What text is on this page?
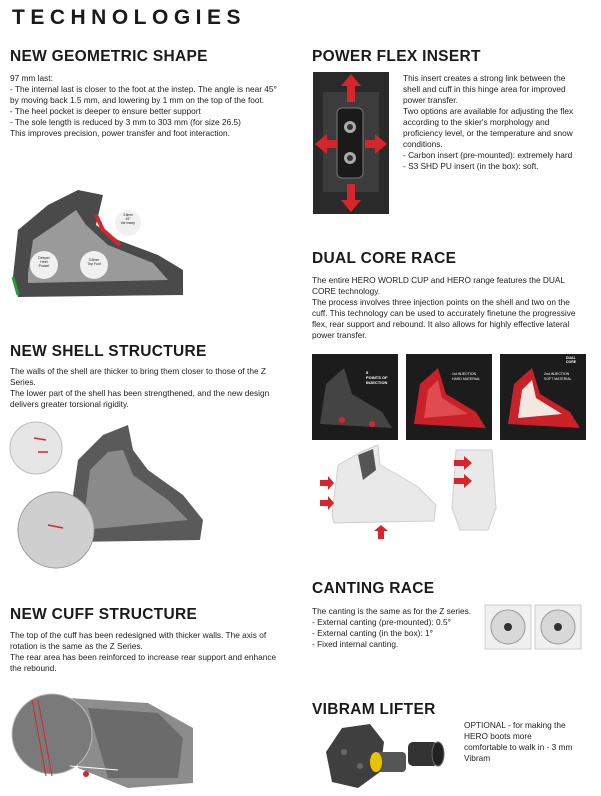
TECHNOLOGIES
NEW GEOMETRIC SHAPE
97 mm last:
- The internal last is closer to the foot at the instep. The angle is near 45° by moving back 1.5 mm, and lowering by 1 mm on the top of the foot.
- The heel pocket is deeper to ensure better support
- The sole length is reduced by 3 mm to 303 mm (for size 26.5)
This improves precision, power transfer and foot interaction.
Deeper
Heel
Pocket
3.8mm
Top Foot
3.8mm
45°
the instep
NEW SHELL STRUCTURE
The walls of the shell are thicker to bring them closer to those of the Z Series.
The lower part of the shell has been strengthened, and the new design delivers greater torsional rigidity.
NEW CUFF STRUCTURE
The top of the cuff has been redesigned with thicker walls. The axis of rotation is the same as the Z Series.
The rear area has been reinforced to increase rear support and enhance the rebound.
POWER FLEX INSERT
This insert creates a strong link between the shell and cuff in this hinge area for improved power transfer.
Two options are available for adjusting the flex according to the skier's morphology and proficiency level, or the temperature and snow conditions.
- Carbon insert (pre-mounted): extremely hard
- S3 SHD PU insert (in the box): soft.
DUAL CORE RACE
The entire HERO WORLD CUP and HERO range features the DUAL CORE technology.
The process involves three injection points on the shell and two on the cuff. This technology can be used to accurately finetune the progressive flex, rear support and rebound. It also allows for highly effective lateral power transfer.
5
POINTS OF
INJECTION
1st INJECTION
HARD MATERIAL
2nd INJECTION
SOFT MATERIAL
DUAL
CORE
CANTING RACE
The canting is the same as for the Z series.
- External canting (pre-mounted): 0.5°
- External canting (in the box): 1°
- Fixed internal canting.
VIBRAM LIFTER
OPTIONAL - for making the HERO boots more comfortable to walk in - 3 mm Vibram
